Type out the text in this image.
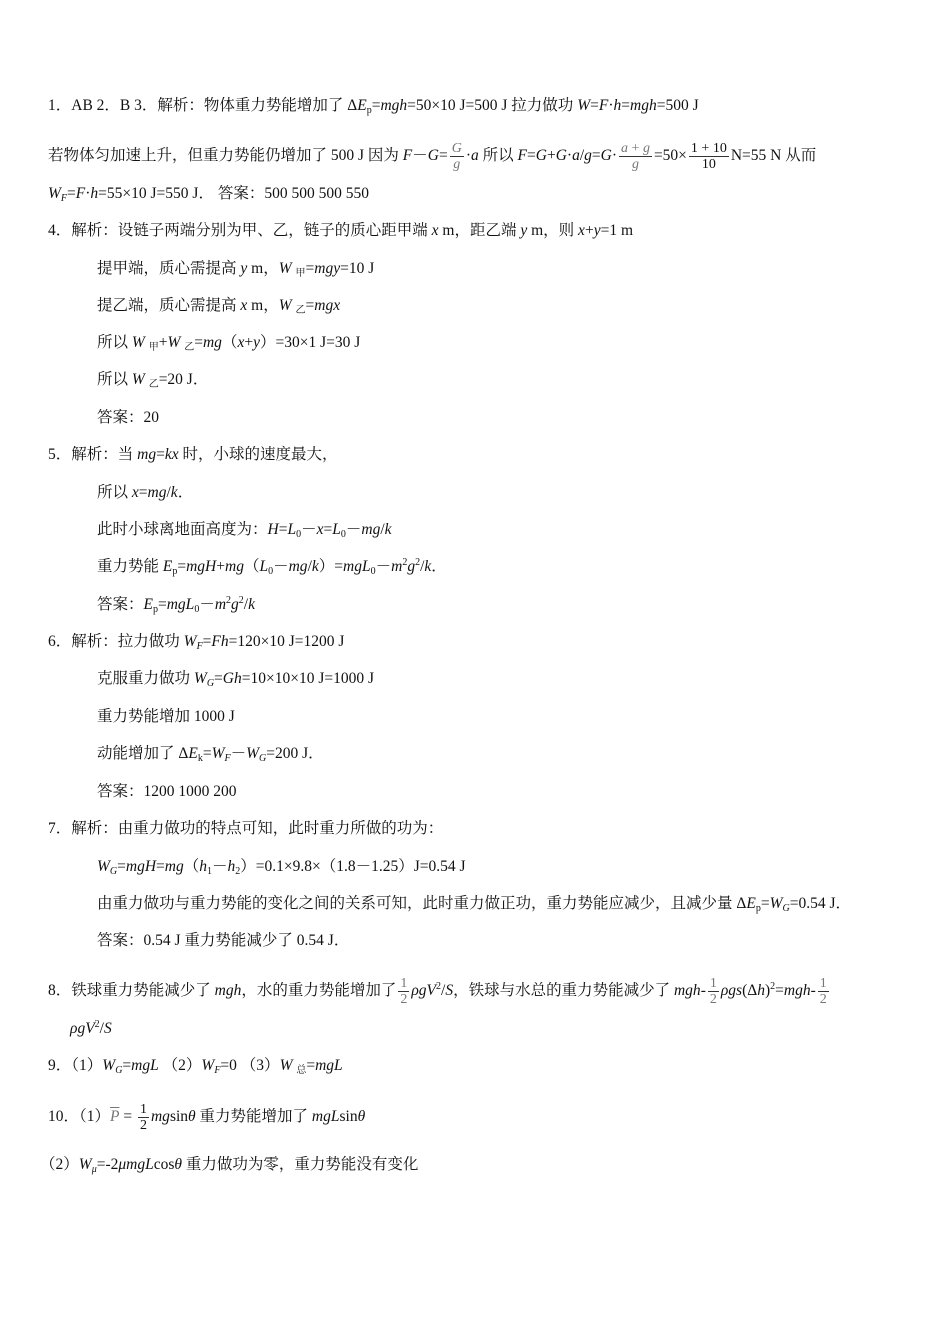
1．AB 2．B 3．解析：物体重力势能增加了 $\Delta E_p=mgh=50\times 10$ J=500 J 拉力做功 W=F·h=mgh=500 J
若物体匀加速上升，但重力势能仍增加了 500 J 因为 $F-G= \frac{G}{g} \cdot a$ 所以 $F=G+G\cdot a/g=G\cdot \frac{a + g}{g} =50\times \frac{1 + 10}{10} N=55$ N 从而
$W_F=F\cdot h=55\times 10$ J=550 J． 答案：500 500 500 550
4．解析：设链子两端分别为甲、乙，链子的质心距甲端 x m，距乙端 y m，则 x+y=1 m
提甲端，质心需提高 y m，W $_甲$=mgy=10 J
提乙端，质心需提高 x m，W $_乙$=mgx
所以 W $_甲$+W $_乙$=mg（x+y）=30×1 J=30 J
所以 W $_乙$=20 J．
答案：20
5．解析：当 mg=kx 时，小球的速度最大，
所以 x=mg/k．
此时小球离地面高度为：$H=L_0-x=L_0-mg/k$
重力势能 $E_p=mgH+mg(L_0-mg/k)=mgL_0-m^2g^2/k$．
答案：$E_p=mgL_0-m^2g^2/k$
6．解析：拉力做功 $W_F=Fh=120\times 10$ J=1200 J
克服重力做功 $W_G=Gh=10\times 10\times 10$ J=1000 J
重力势能增加 1000 J
动能增加了 $\Delta E_k=W_F-W_G=200$ J．
答案：1200 1000 200
7．解析：由重力做功的特点可知，此时重力所做的功为：
$W_G=mgH=mg(h_1-h_2)=0.1\times 9.8\times(1.8-1.25)J=0.54$ J
由重力做功与重力势能的变化之间的关系可知，此时重力做正功，重力势能应减少，且减少量 $\Delta E_p=W_G=0.54$ J．
答案：0.54 J 重力势能减少了 0.54 J．
8．铁球重力势能减少了 mgh，水的重力势能增加了 $\frac{1}{2} \rho gV^2/S$，铁球与水总的重力势能减少了 $mgh- \frac{1}{2} \rho gs(\Delta h)^2=mgh- \frac{1}{2}$
ρgV$^2$/S
9．$(1)W_G=mgL$ $(2)W_F=0$ （3）W $_总$=mgL
10．$(1)\overline{P} = \frac{1}{2}$ mgsinθ 重力势能增加了 mgLsinθ
$(2)W_\mu=-2\mu mgLcos\theta$ 重力做功为零，重力势能没有变化
